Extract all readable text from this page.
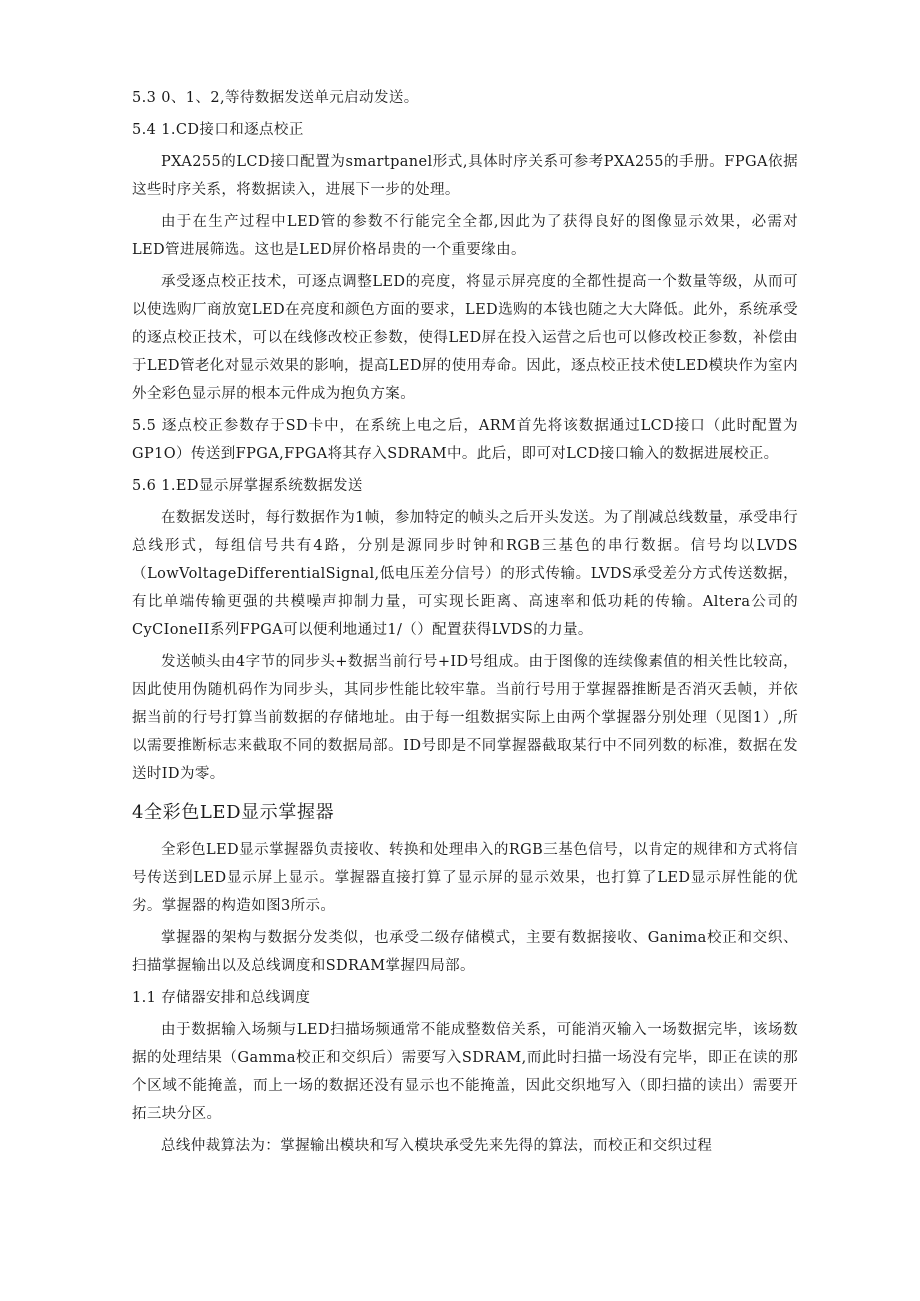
5.3 0、1、2,等待数据发送单元启动发送。

5.4 1.CD接口和逐点校正

PXA255的LCD接口配置为smartpanel形式,具体时序关系可参考PXA255的手册。FPGA依据这些时序关系，将数据读入，进展下一步的处理。

由于在生产过程中LED管的参数不行能完全全都,因此为了获得良好的图像显示效果，必需对LED管进展筛选。这也是LED屏价格昂贵的一个重要缘由。

承受逐点校正技术，可逐点调整LED的亮度，将显示屏亮度的全都性提高一个数量等级，从而可以使选购厂商放宽LED在亮度和颜色方面的要求，LED选购的本钱也随之大大降低。此外，系统承受的逐点校正技术，可以在线修改校正参数，使得LED屏在投入运营之后也可以修改校正参数，补偿由于LED管老化对显示效果的影响，提高LED屏的使用寿命。因此，逐点校正技术使LED模块作为室内外全彩色显示屏的根本元件成为抱负方案。

5.5 逐点校正参数存于SD卡中，在系统上电之后，ARM首先将该数据通过LCD接口（此时配置为GP1O）传送到FPGA,FPGA将其存入SDRAM中。此后，即可对LCD接口输入的数据进展校正。

5.6 1.ED显示屏掌握系统数据发送

在数据发送时，每行数据作为1帧，参加特定的帧头之后开头发送。为了削减总线数量，承受串行总线形式，每组信号共有4路，分别是源同步时钟和RGB三基色的串行数据。信号均以LVDS（LowVoltageDifferentialSignal,低电压差分信号）的形式传输。LVDS承受差分方式传送数据，有比单端传输更强的共模噪声抑制力量，可实现长距离、高速率和低功耗的传输。Altera公司的CyCIoneII系列FPGA可以便利地通过1/（）配置获得LVDS的力量。

发送帧头由4字节的同步头+数据当前行号+ID号组成。由于图像的连续像素值的相关性比较高，因此使用伪随机码作为同步头，其同步性能比较牢靠。当前行号用于掌握器推断是否消灭丢帧，并依据当前的行号打算当前数据的存储地址。由于每一组数据实际上由两个掌握器分别处理（见图1）,所以需要推断标志来截取不同的数据局部。ID号即是不同掌握器截取某行中不同列数的标准，数据在发送时ID为零。

4全彩色LED显示掌握器

全彩色LED显示掌握器负责接收、转换和处理串入的RGB三基色信号，以肯定的规律和方式将信号传送到LED显示屏上显示。掌握器直接打算了显示屏的显示效果，也打算了LED显示屏性能的优劣。掌握器的构造如图3所示。

掌握器的架构与数据分发类似，也承受二级存储模式，主要有数据接收、Ganima校正和交织、扫描掌握输出以及总线调度和SDRAM掌握四局部。

1.1 存储器安排和总线调度

由于数据输入场频与LED扫描场频通常不能成整数倍关系，可能消灭输入一场数据完毕，该场数据的处理结果（Gamma校正和交织后）需要写入SDRAM,而此时扫描一场没有完毕，即正在读的那个区域不能掩盖，而上一场的数据还没有显示也不能掩盖，因此交织地写入（即扫描的读出）需要开拓三块分区。

总线仲裁算法为：掌握输出模块和写入模块承受先来先得的算法，而校正和交织过程
